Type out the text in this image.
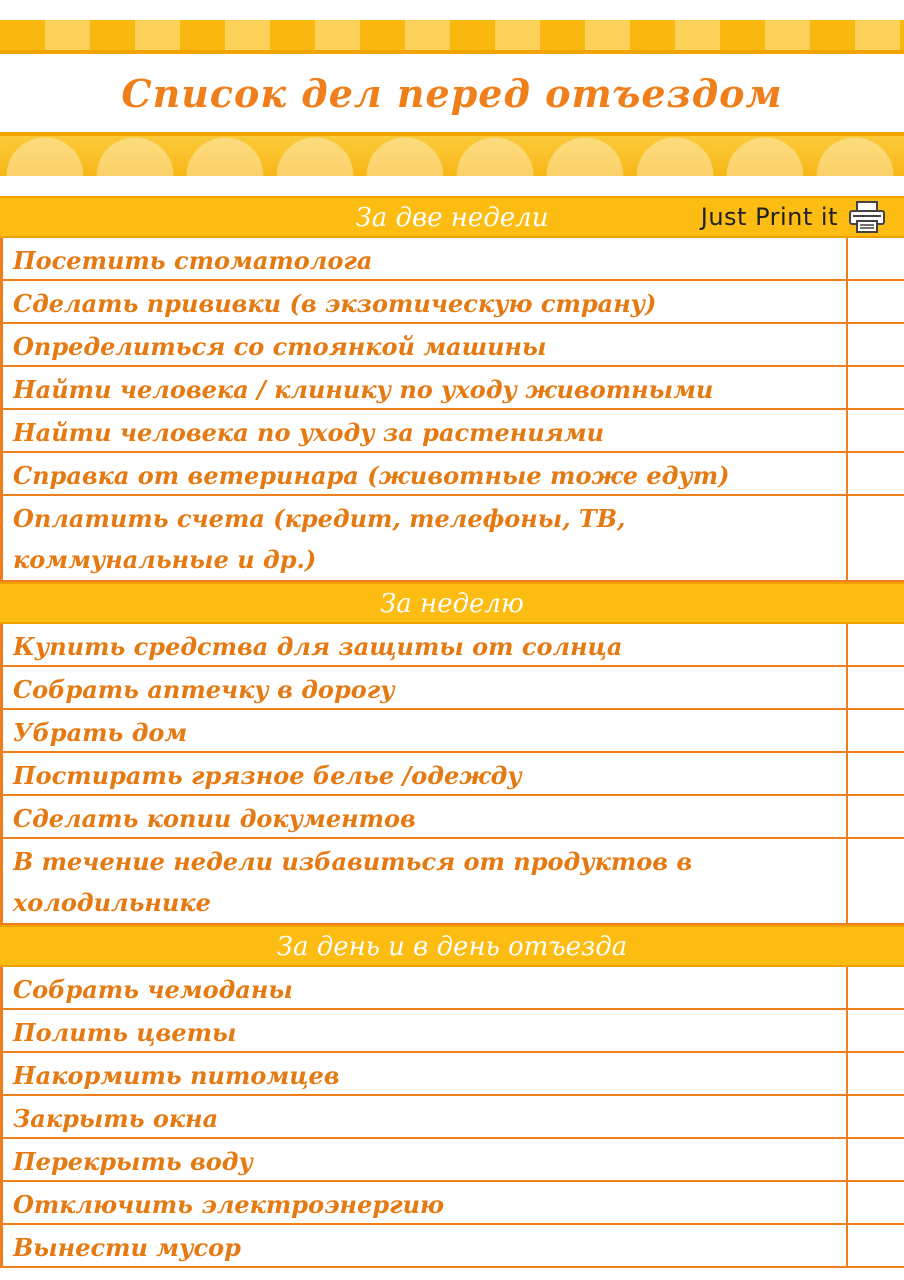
Список дел перед отъездом
Just Print it
За две недели
Посетить стоматолога
Сделать прививки (в экзотическую страну)
Определиться со стоянкой машины
Найти человека / клинику по уходу животными
Найти человека по уходу за растениями
Справка от ветеринара (животные тоже едут)
Оплатить счета (кредит, телефоны, ТВ, коммунальные и др.)
За неделю
Купить средства для защиты от солнца
Собрать аптечку в дорогу
Убрать дом
Постирать грязное белье /одежду
Сделать копии документов
В течение недели избавиться от продуктов в холодильнике
За день и в день отъезда
Собрать чемоданы
Полить цветы
Накормить питомцев
Закрыть окна
Перекрыть воду
Отключить электроэнергию
Вынести мусор
